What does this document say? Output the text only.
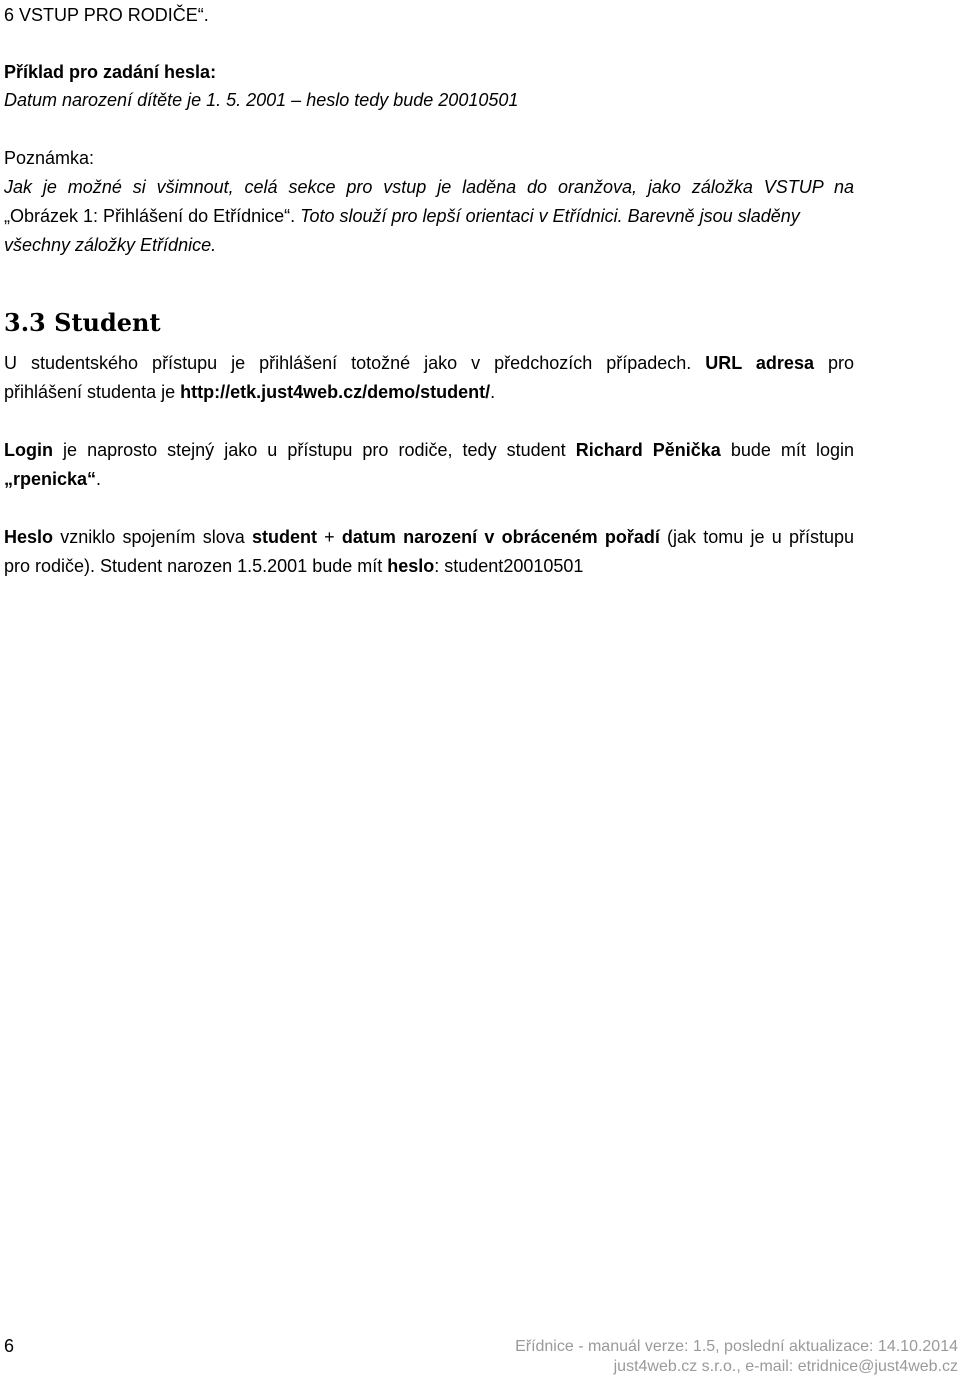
6 VSTUP PRO RODIČE“.
Příklad pro zadání hesla:
Datum narození dítěte je 1. 5. 2001 – heslo tedy bude 20010501
Poznámka:
Jak je možné si všimnout, celá sekce pro vstup je laděna do oranžova, jako záložka VSTUP na
„Obrázek 1: Přihlášení do Etřídnice“. Toto slouží pro lepší orientaci v Etřídnici. Barevně jsou sladěny
všechny záložky Etřídnice.
3.3 Student
U studentského přístupu je přihlášení totožné jako v předchozích případech. URL adresa pro
přihlášení studenta je http://etk.just4web.cz/demo/student/.
Login je naprosto stejný jako u přístupu pro rodiče, tedy student Richard Pěnička bude mít login
„rpenicka“.
Heslo vzniklo spojením slova student + datum narození v obráceném pořadí (jak tomu je u přístupu
pro rodiče). Student narozen 1.5.2001 bude mít heslo: student20010501
6	Eřídnice - manuál verze: 1.5, poslední aktualizace: 14.10.2014
just4web.cz s.r.o., e-mail: etridnice@just4web.cz
